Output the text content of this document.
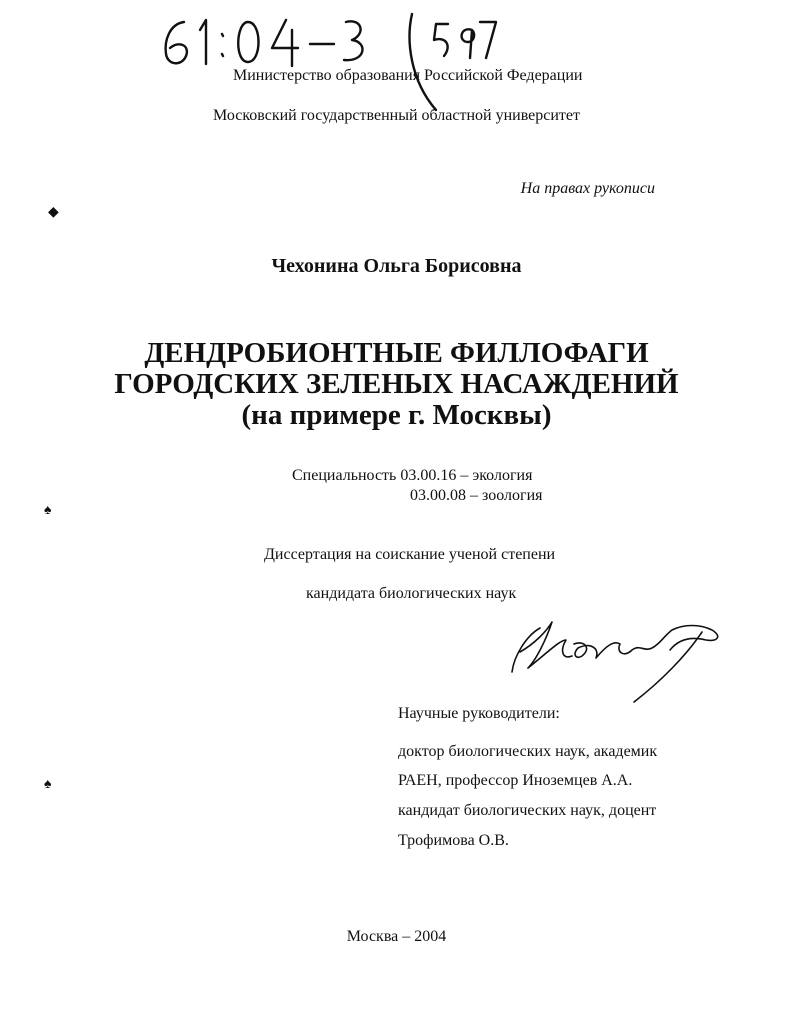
Министерство образования Российской Федерации
Московский государственный областной университет
На правах рукописи
◆
♠
♠
Чехонина Ольга Борисовна
ДЕНДРОБИОНТНЫЕ ФИЛЛОФАГИ
ГОРОДСКИХ ЗЕЛЕНЫХ НАСАЖДЕНИЙ
(на примере г. Москвы)
Специальность 03.00.16 – экология
03.00.08 – зоология
Диссертация на соискание ученой степени
кандидата биологических наук
Научные руководители:
доктор биологических наук, академик
РАЕН, профессор Иноземцев А.А.
кандидат биологических наук, доцент
Трофимова О.В.
Москва – 2004
